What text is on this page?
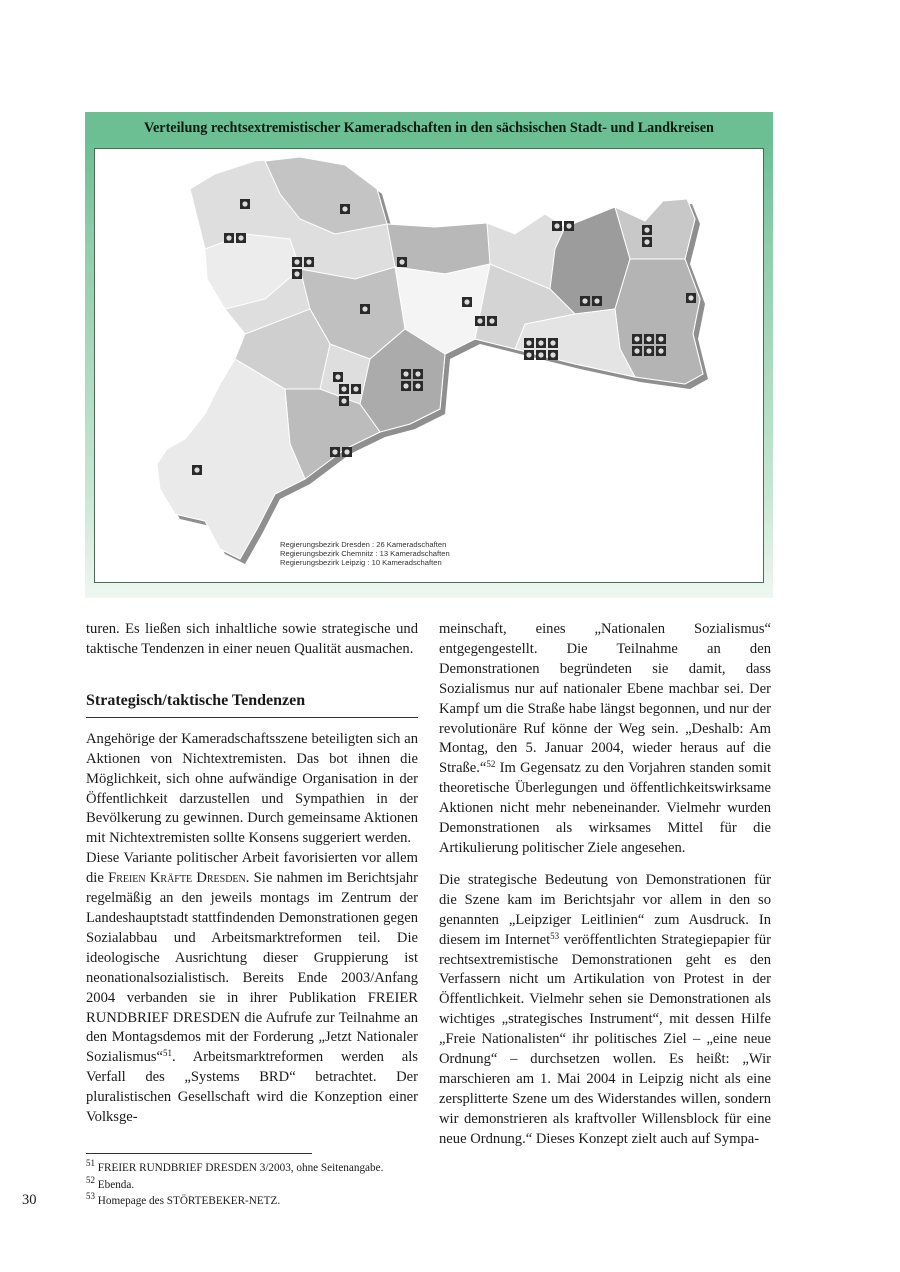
Verteilung rechtsextremistischer Kameradschaften in den sächsischen Stadt- und Landkreisen
Regierungsbezirk Dresden : 26 Kameradschaften
Regierungsbezirk Chemnitz : 13 Kameradschaften
Regierungsbezirk Leipzig : 10 Kameradschaften

turen. Es ließen sich inhaltliche sowie strategische und taktische Tendenzen in einer neuen Qualität ausmachen.

Strategisch/taktische Tendenzen

Angehörige der Kameradschaftsszene beteiligten sich an Aktionen von Nichtextremisten. Das bot ihnen die Möglichkeit, sich ohne aufwändige Organisation in der Öffentlichkeit darzustellen und Sympathien in der Bevölkerung zu gewinnen. Durch gemeinsame Aktionen mit Nichtextremisten sollte Konsens suggeriert werden.

Diese Variante politischer Arbeit favorisierten vor allem die Freien Kräfte Dresden. Sie nahmen im Berichtsjahr regelmäßig an den jeweils montags im Zentrum der Landeshauptstadt stattfindenden Demonstrationen gegen Sozialabbau und Arbeitsmarktreformen teil. Die ideologische Ausrichtung dieser Gruppierung ist neonationalsozialistisch. Bereits Ende 2003/Anfang 2004 verbanden sie in ihrer Publikation FREIER RUNDBRIEF DRESDEN die Aufrufe zur Teilnahme an den Montagsdemos mit der Forderung „Jetzt Nationaler Sozialismus“$^{51}$. Arbeitsmarktreformen werden als Verfall des „Systems BRD“ betrachtet. Der pluralistischen Gesellschaft wird die Konzeption einer Volksge-

meinschaft, eines „Nationalen Sozialismus“ entgegengestellt. Die Teilnahme an den Demonstrationen begründeten sie damit, dass Sozialismus nur auf nationaler Ebene machbar sei. Der Kampf um die Straße habe längst begonnen, und nur der revolutionäre Ruf könne der Weg sein. „Deshalb: Am Montag, den 5. Januar 2004, wieder heraus auf die Straße.“$^{52}$ Im Gegensatz zu den Vorjahren standen somit theoretische Überlegungen und öffentlichkeitswirksame Aktionen nicht mehr nebeneinander. Vielmehr wurden Demonstrationen als wirksames Mittel für die Artikulierung politischer Ziele angesehen.

Die strategische Bedeutung von Demonstrationen für die Szene kam im Berichtsjahr vor allem in den so genannten „Leipziger Leitlinien“ zum Ausdruck. In diesem im Internet$^{53}$ veröffentlichten Strategiepapier für rechtsextremistische Demonstrationen geht es den Verfassern nicht um Artikulation von Protest in der Öffentlichkeit. Vielmehr sehen sie Demonstrationen als wichtiges „strategisches Instrument“, mit dessen Hilfe „Freie Nationalisten“ ihr politisches Ziel – „eine neue Ordnung“ – durchsetzen wollen. Es heißt: „Wir marschieren am 1. Mai 2004 in Leipzig nicht als eine zersplitterte Szene um des Widerstandes willen, sondern wir demonstrieren als kraftvoller Willensblock für eine neue Ordnung.“ Dieses Konzept zielt auch auf Sympa-

$^{51}$ FREIER RUNDBRIEF DRESDEN 3/2003, ohne Seitenangabe.
$^{52}$ Ebenda.
$^{53}$ Homepage des STÖRTEBEKER-NETZ.
30
